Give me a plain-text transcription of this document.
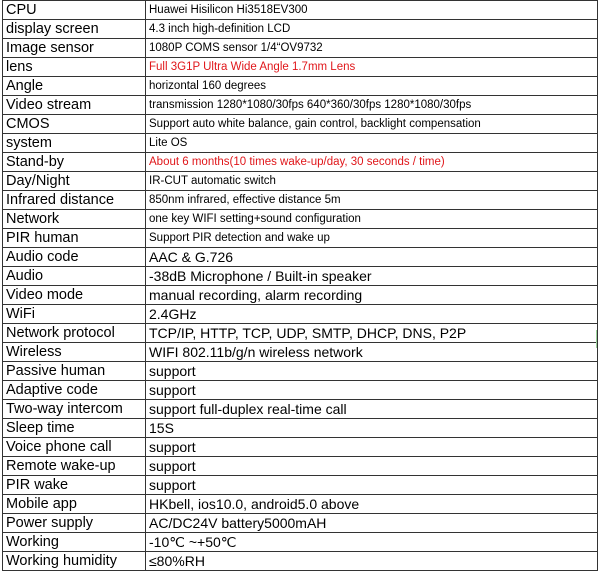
CPU	Huawei Hisilicon Hi3518EV300
display screen	4.3 inch high-definition LCD
Image sensor	1080P COMS sensor 1/4“OV9732
lens	Full 3G1P Ultra Wide Angle 1.7mm Lens
Angle	horizontal 160 degrees
Video stream	transmission 1280*1080/30fps 640*360/30fps 1280*1080/30fps
CMOS	Support auto white balance, gain control, backlight compensation
system	Lite OS
Stand-by	About 6 months(10 times wake-up/day, 30 seconds / time)
Day/Night	IR-CUT automatic switch
Infrared distance	850nm infrared, effective distance 5m
Network	one key WIFI setting+sound configuration
PIR human	Support PIR detection and wake up
Audio code	AAC & G.726
Audio	-38dB Microphone / Built-in speaker
Video mode	manual recording, alarm recording
WiFi	2.4GHz
Network protocol	TCP/IP, HTTP, TCP, UDP, SMTP, DHCP, DNS, P2P
Wireless	WIFI 802.11b/g/n wireless network
Passive human	support
Adaptive code	support
Two-way intercom	support full-duplex real-time call
Sleep time	15S
Voice phone call	support
Remote wake-up	support
PIR wake	support
Mobile app	HKbell, ios10.0, android5.0 above
Power supply	AC/DC24V battery5000mAH
Working	-10℃ ~+50℃
Working humidity	≤80%RH
